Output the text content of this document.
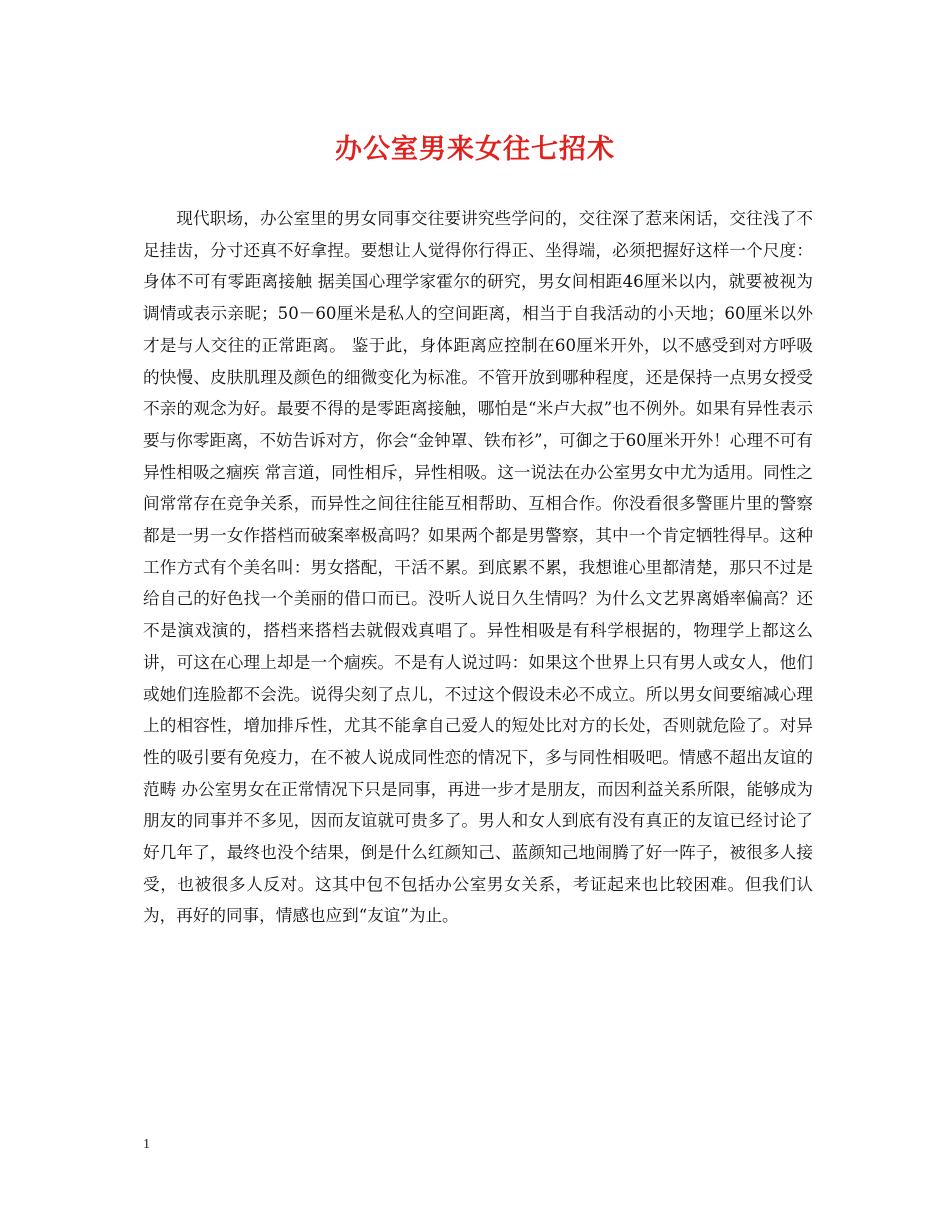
办公室男来女往七招术

现代职场，办公室里的男女同事交往要讲究些学问的，交往深了惹来闲话，交往浅了不足挂齿，分寸还真不好拿捏。要想让人觉得你行得正、坐得端，必须把握好这样一个尺度：身体不可有零距离接触 据美国心理学家霍尔的研究，男女间相距46厘米以内，就要被视为调情或表示亲昵；50－60厘米是私人的空间距离，相当于自我活动的小天地；60厘米以外才是与人交往的正常距离。 鉴于此，身体距离应控制在60厘米开外，以不感受到对方呼吸的快慢、皮肤肌理及颜色的细微变化为标准。不管开放到哪种程度，还是保持一点男女授受不亲的观念为好。最要不得的是零距离接触，哪怕是“米卢大叔”也不例外。如果有异性表示要与你零距离，不妨告诉对方，你会“金钟罩、铁布衫”，可御之于60厘米开外！心理不可有异性相吸之痼疾 常言道，同性相斥，异性相吸。这一说法在办公室男女中尤为适用。同性之间常常存在竞争关系，而异性之间往往能互相帮助、互相合作。你没看很多警匪片里的警察都是一男一女作搭档而破案率极高吗？如果两个都是男警察，其中一个肯定牺牲得早。这种工作方式有个美名叫：男女搭配，干活不累。到底累不累，我想谁心里都清楚，那只不过是给自己的好色找一个美丽的借口而已。没听人说日久生情吗？为什么文艺界离婚率偏高？还不是演戏演的，搭档来搭档去就假戏真唱了。异性相吸是有科学根据的，物理学上都这么讲，可这在心理上却是一个痼疾。不是有人说过吗：如果这个世界上只有男人或女人，他们或她们连脸都不会洗。说得尖刻了点儿，不过这个假设未必不成立。所以男女间要缩减心理上的相容性，增加排斥性，尤其不能拿自己爱人的短处比对方的长处，否则就危险了。对异性的吸引要有免疫力，在不被人说成同性恋的情况下，多与同性相吸吧。情感不超出友谊的范畴 办公室男女在正常情况下只是同事，再进一步才是朋友，而因利益关系所限，能够成为朋友的同事并不多见，因而友谊就可贵多了。男人和女人到底有没有真正的友谊已经讨论了好几年了，最终也没个结果，倒是什么红颜知己、蓝颜知己地闹腾了好一阵子，被很多人接受，也被很多人反对。这其中包不包括办公室男女关系，考证起来也比较困难。但我们认为，再好的同事，情感也应到“友谊”为止。

1
